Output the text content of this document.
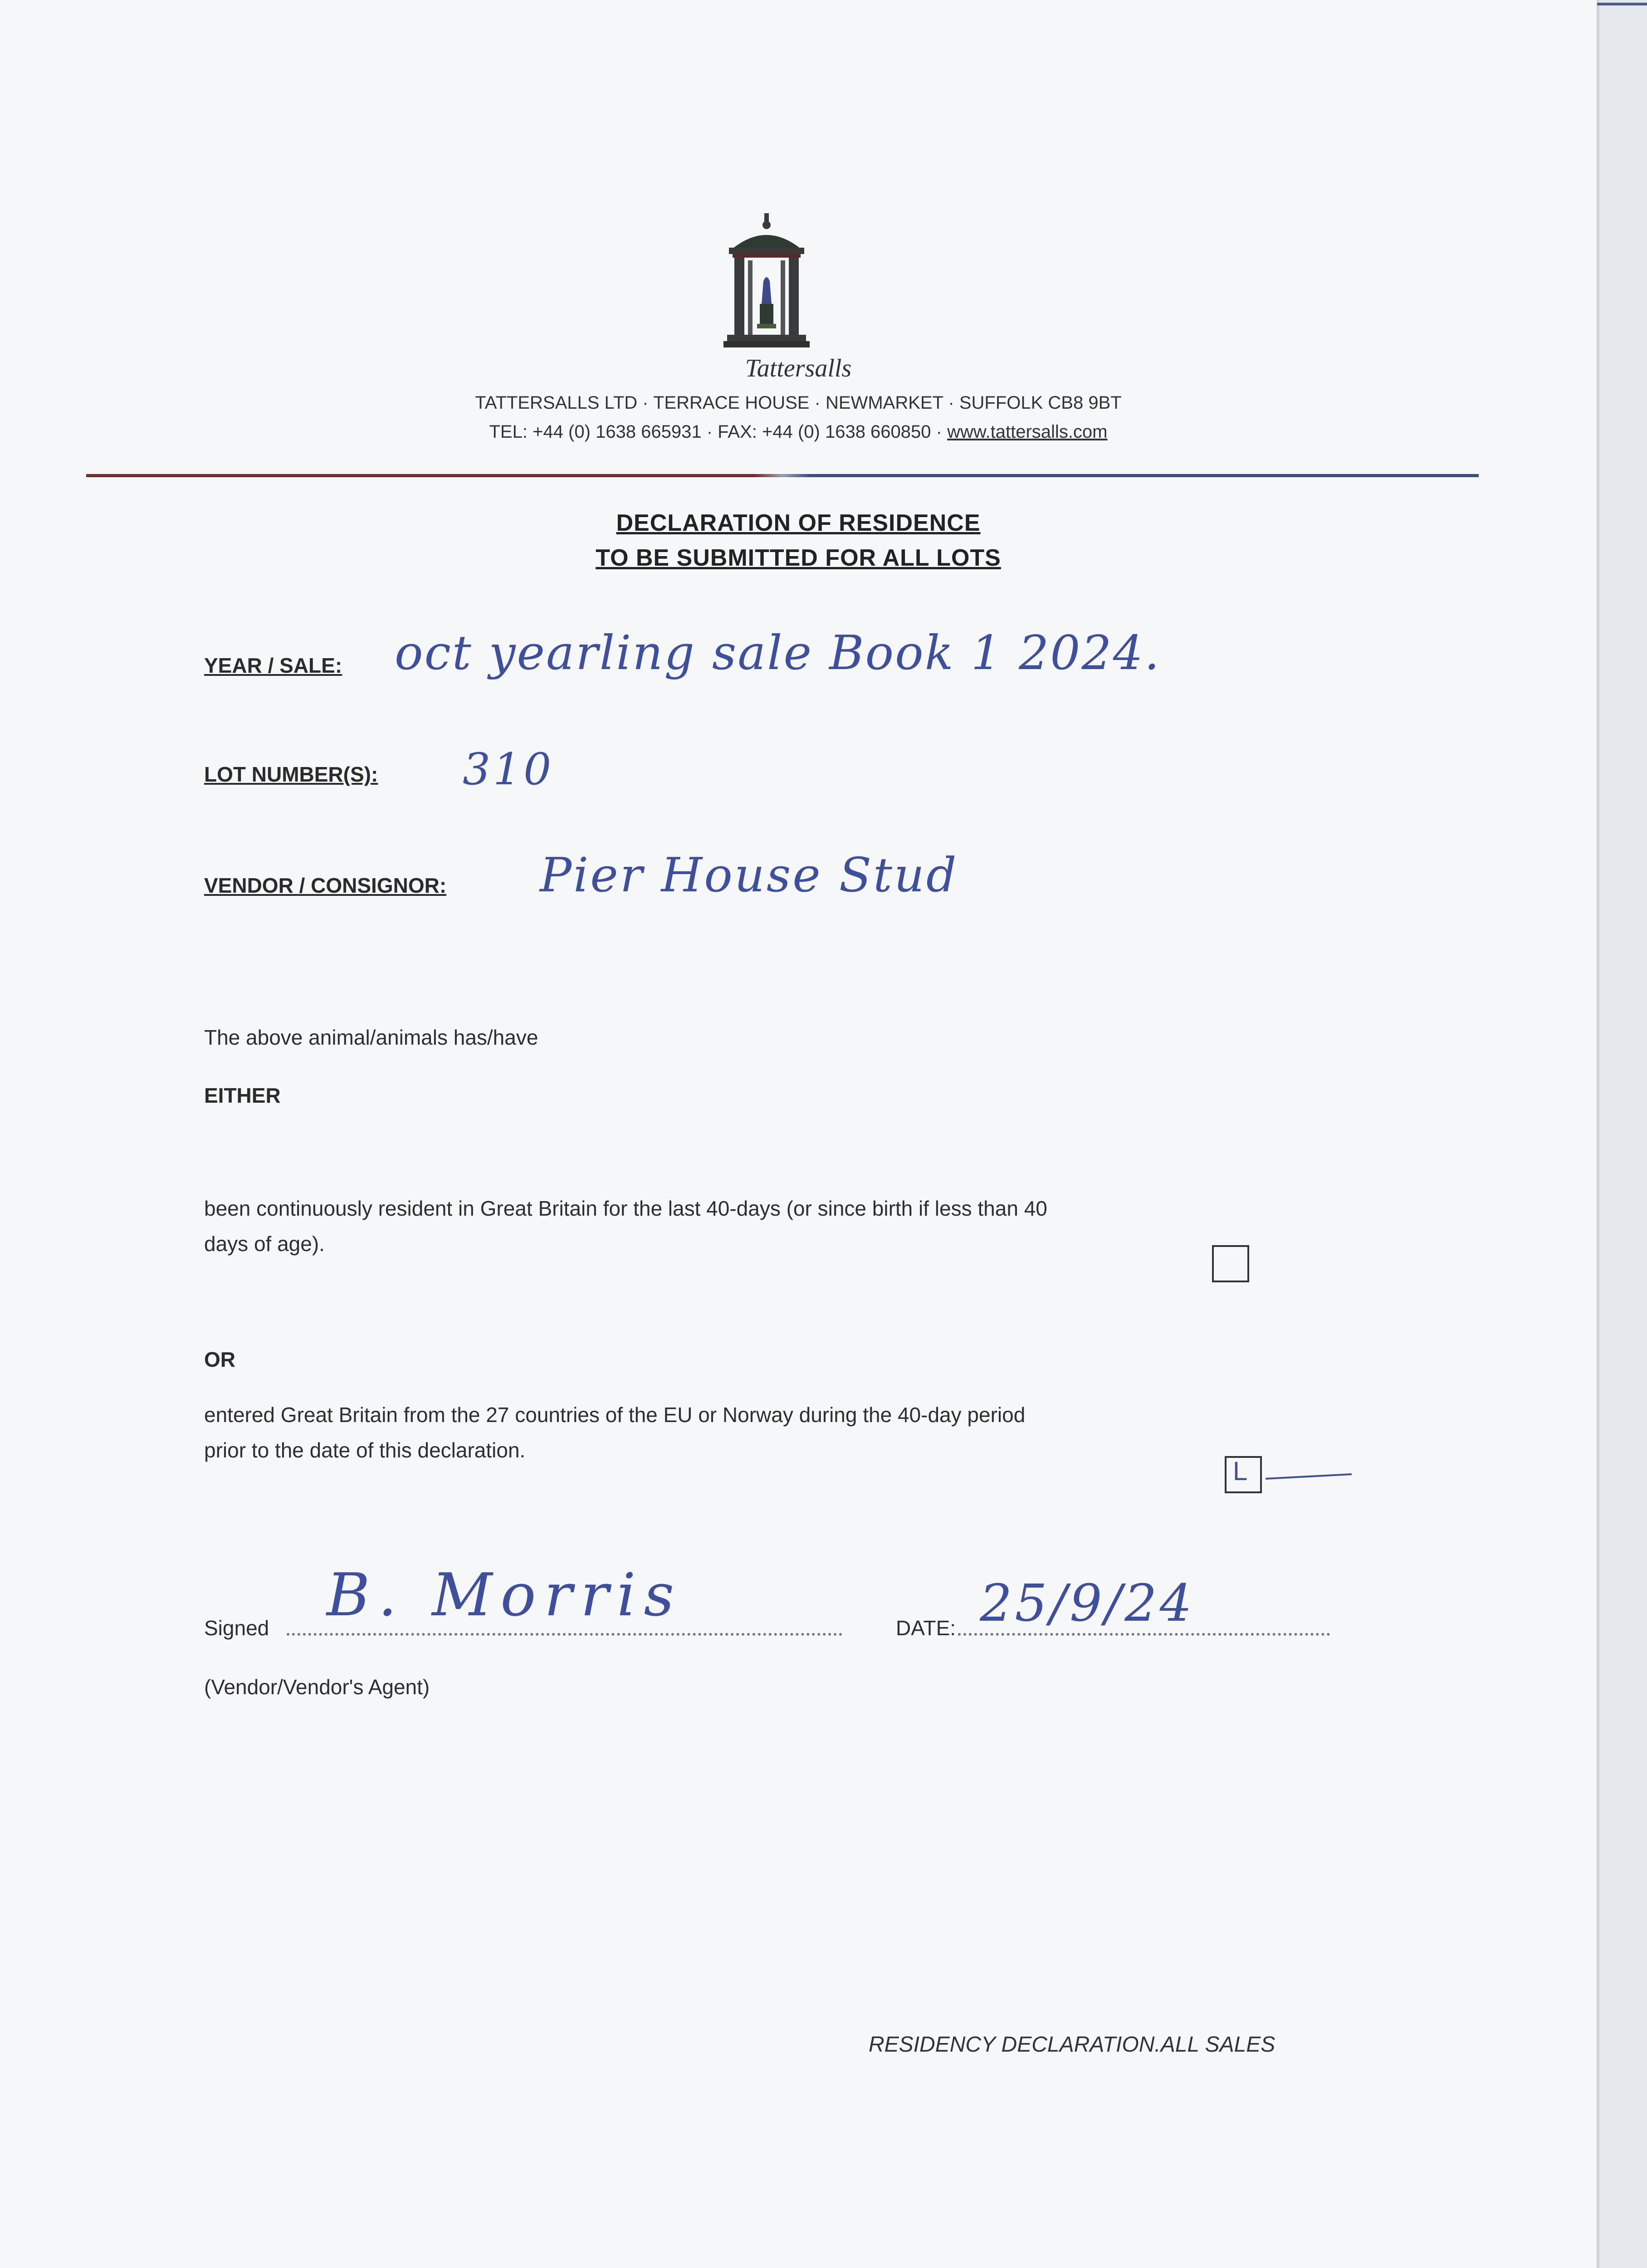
Tattersalls
TATTERSALLS LTD · TERRACE HOUSE · NEWMARKET · SUFFOLK CB8 9BT
TEL: +44 (0) 1638 665931 · FAX: +44 (0) 1638 660850 · www.tattersalls.com
DECLARATION OF RESIDENCE
TO BE SUBMITTED FOR ALL LOTS
YEAR / SALE: oct yearling sale Book 1 2024.
LOT NUMBER(S): 310
VENDOR / CONSIGNOR: Pier House Stud
The above animal/animals has/have
EITHER
been continuously resident in Great Britain for the last 40-days (or since birth if less than 40
days of age).
OR
entered Great Britain from the 27 countries of the EU or Norway during the 40-day period
prior to the date of this declaration.
L
Signed B. Morris	DATE: 25/9/24
(Vendor/Vendor's Agent)
RESIDENCY DECLARATION.ALL SALES
